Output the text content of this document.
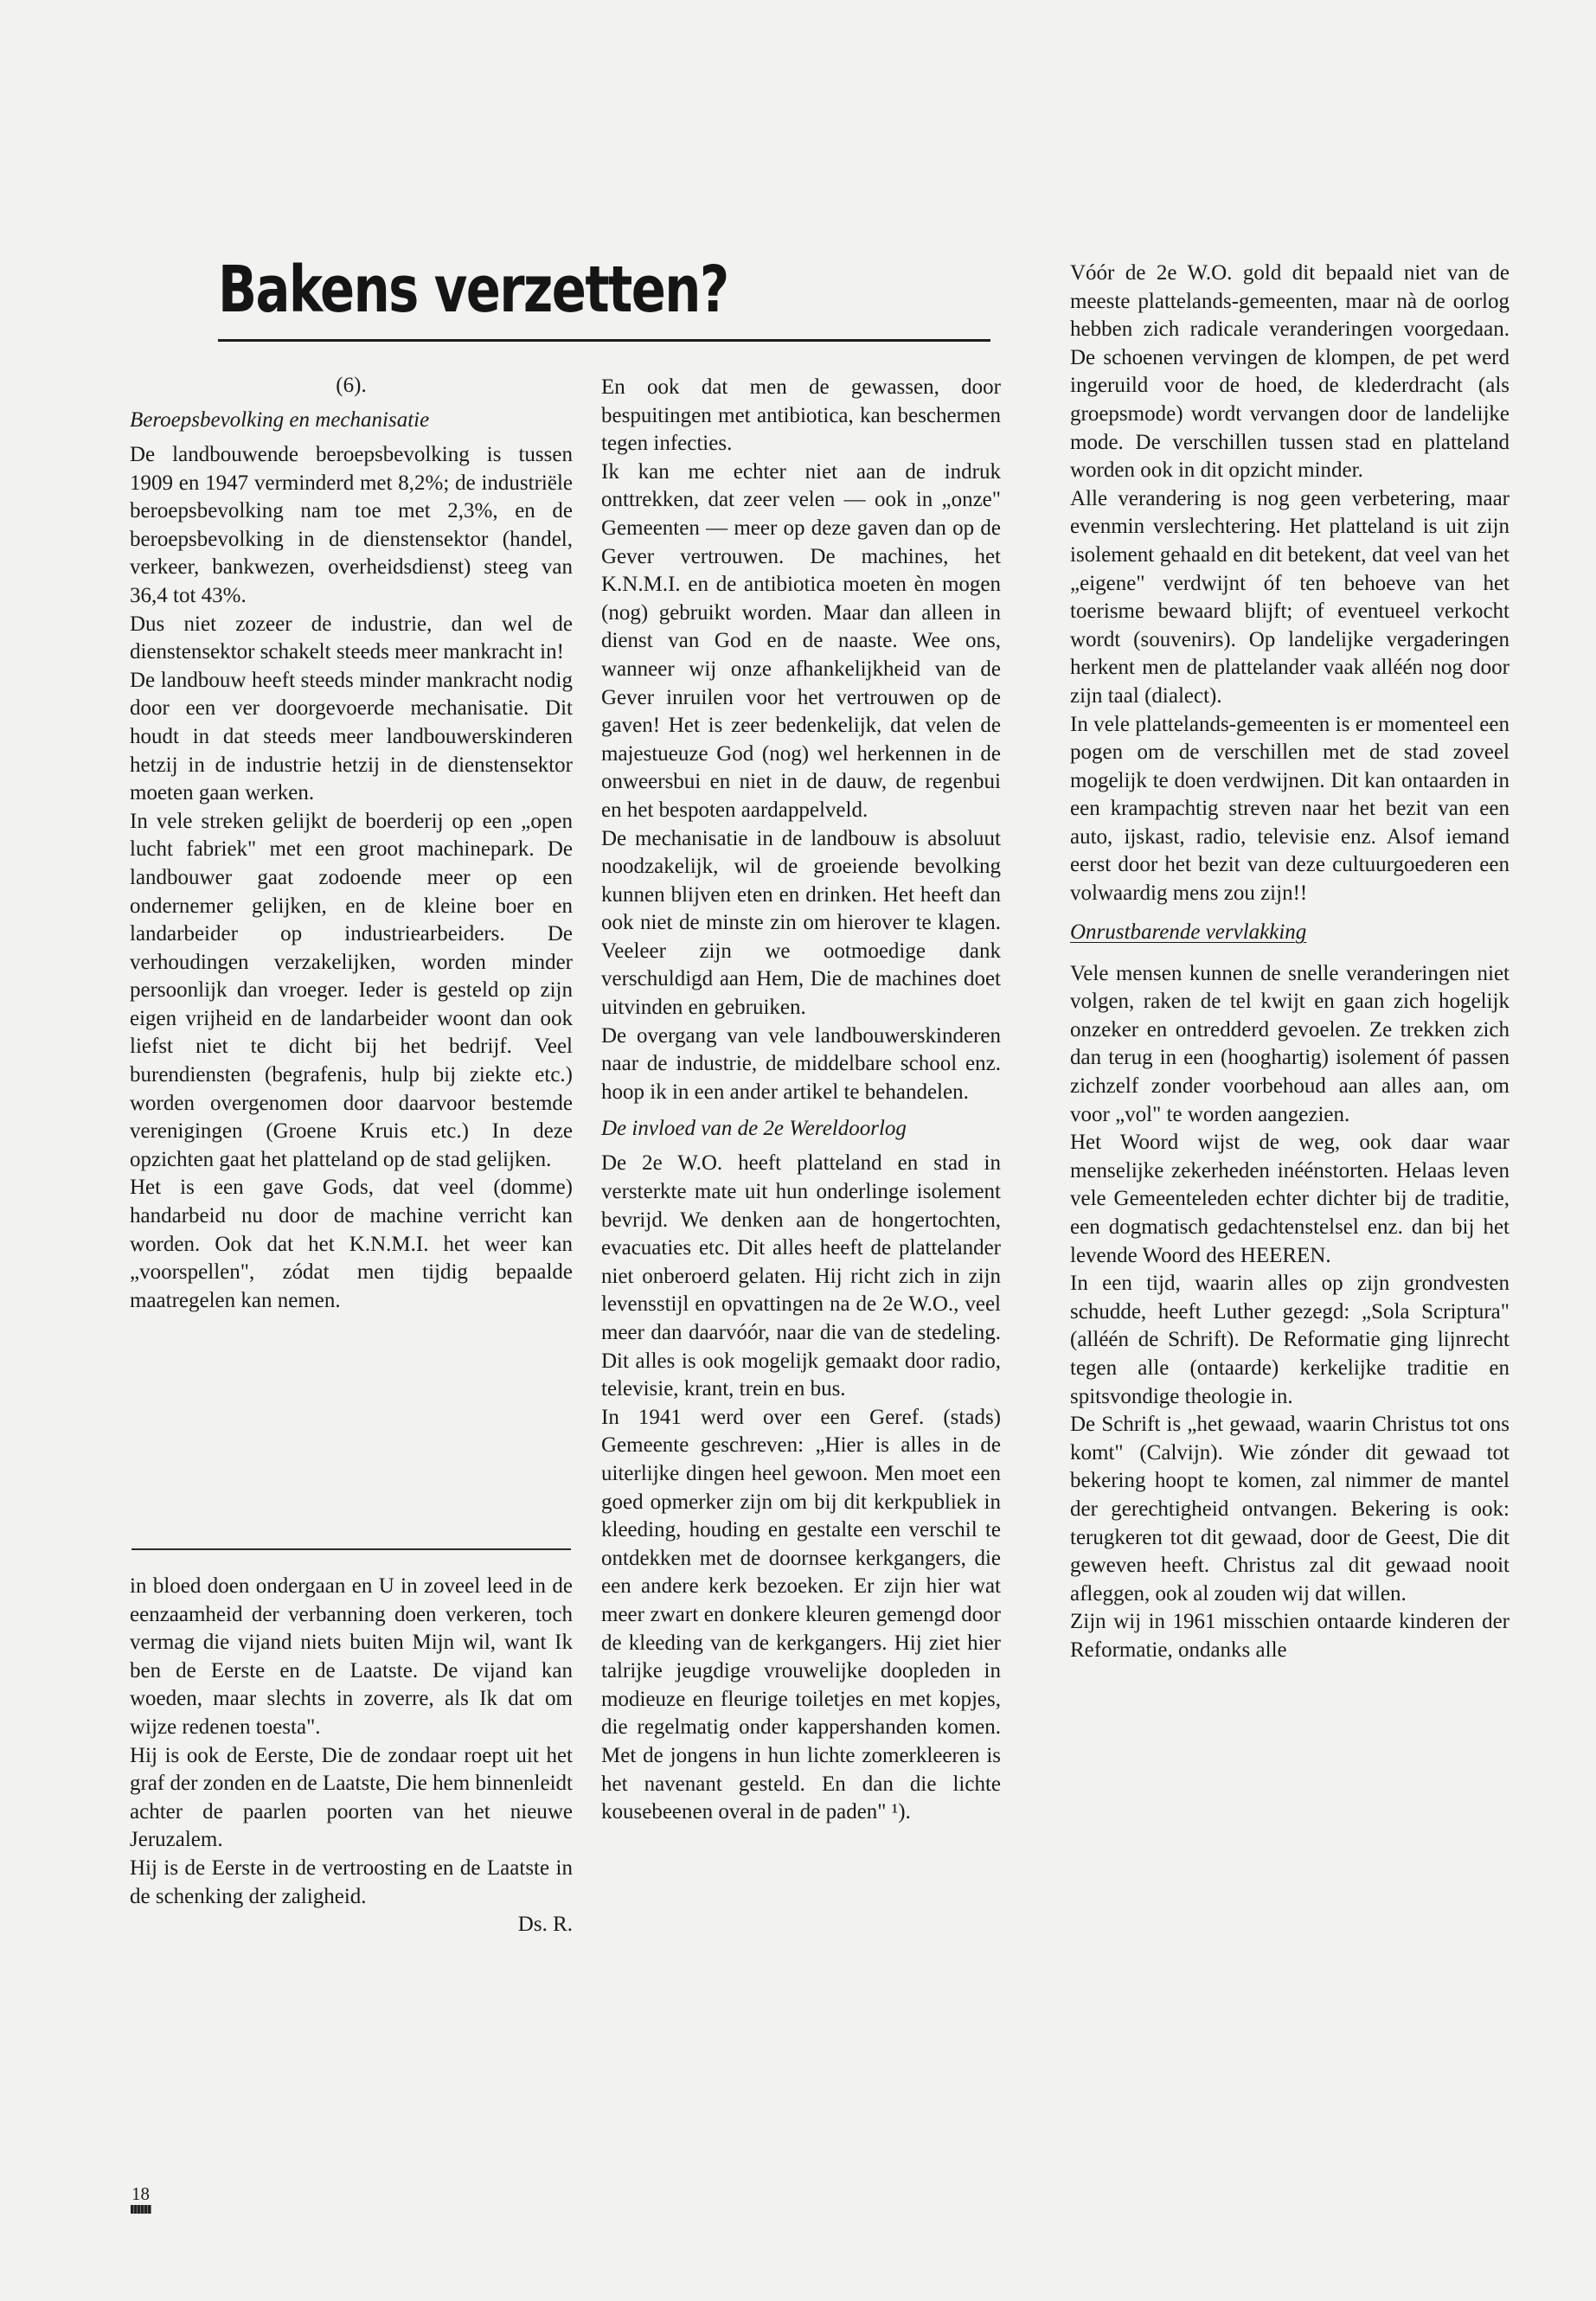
Bakens verzetten?
(6).
Beroepsbevolking en mechanisatie

De landbouwende beroepsbevolking is tussen 1909 en 1947 verminderd met 8,2%; de industriële beroepsbevolking nam toe met 2,3%, en de beroepsbevolking in de dienstensektor (handel, verkeer, bankwezen, overheidsdienst) steeg van 36,4 tot 43%.

Dus niet zozeer de industrie, dan wel de dienstensektor schakelt steeds meer mankracht in!

De landbouw heeft steeds minder mankracht nodig door een ver doorgevoerde mechanisatie. Dit houdt in dat steeds meer landbouwerskinderen hetzij in de industrie hetzij in de dienstensektor moeten gaan werken.

In vele streken gelijkt de boerderij op een „open lucht fabriek" met een groot machinepark. De landbouwer gaat zodoende meer op een ondernemer gelijken, en de kleine boer en landarbeider op industriearbeiders. De verhoudingen verzakelijken, worden minder persoonlijk dan vroeger. Ieder is gesteld op zijn eigen vrijheid en de landarbeider woont dan ook liefst niet te dicht bij het bedrijf. Veel burendiensten (begrafenis, hulp bij ziekte etc.) worden overgenomen door daarvoor bestemde verenigingen (Groene Kruis etc.) In deze opzichten gaat het platteland op de stad gelijken.

Het is een gave Gods, dat veel (domme) handarbeid nu door de machine verricht kan worden. Ook dat het K.N.M.I. het weer kan „voorspellen", zódat men tijdig bepaalde maatregelen kan nemen.

in bloed doen ondergaan en U in zoveel leed in de eenzaamheid der verbanning doen verkeren, toch vermag die vijand niets buiten Mijn wil, want Ik ben de Eerste en de Laatste. De vijand kan woeden, maar slechts in zoverre, als Ik dat om wijze redenen toesta".

Hij is ook de Eerste, Die de zondaar roept uit het graf der zonden en de Laatste, Die hem binnenleidt achter de paarlen poorten van het nieuwe Jeruzalem.

Hij is de Eerste in de vertroosting en de Laatste in de schenking der zaligheid.

Ds. R.

En ook dat men de gewassen, door bespuitingen met antibiotica, kan beschermen tegen infecties.

Ik kan me echter niet aan de indruk onttrekken, dat zeer velen — ook in „onze" Gemeenten — meer op deze gaven dan op de Gever vertrouwen. De machines, het K.N.M.I. en de antibiotica moeten èn mogen (nog) gebruikt worden. Maar dan alleen in dienst van God en de naaste. Wee ons, wanneer wij onze afhankelijkheid van de Gever inruilen voor het vertrouwen op de gaven! Het is zeer bedenkelijk, dat velen de majestueuze God (nog) wel herkennen in de onweersbui en niet in de dauw, de regenbui en het bespoten aardappelveld.

De mechanisatie in de landbouw is absoluut noodzakelijk, wil de groeiende bevolking kunnen blijven eten en drinken. Het heeft dan ook niet de minste zin om hierover te klagen. Veeleer zijn we ootmoedige dank verschuldigd aan Hem, Die de machines doet uitvinden en gebruiken.

De overgang van vele landbouwerskinderen naar de industrie, de middelbare school enz. hoop ik in een ander artikel te behandelen.

De invloed van de 2e Wereldoorlog

De 2e W.O. heeft platteland en stad in versterkte mate uit hun onderlinge isolement bevrijd. We denken aan de hongertochten, evacuaties etc. Dit alles heeft de plattelander niet onberoerd gelaten. Hij richt zich in zijn levensstijl en opvattingen na de 2e W.O., veel meer dan daarvóór, naar die van de stedeling. Dit alles is ook mogelijk gemaakt door radio, televisie, krant, trein en bus.

In 1941 werd over een Geref. (stads) Gemeente geschreven: „Hier is alles in de uiterlijke dingen heel gewoon. Men moet een goed opmerker zijn om bij dit kerkpubliek in kleeding, houding en gestalte een verschil te ontdekken met de doornsee kerkgangers, die een andere kerk bezoeken. Er zijn hier wat meer zwart en donkere kleuren gemengd door de kleeding van de kerkgangers. Hij ziet hier talrijke jeugdige vrouwelijke doopleden in modieuze en fleurige toiletjes en met kopjes, die regelmatig onder kappershanden komen. Met de jongens in hun lichte zomerkleeren is het navenant gesteld. En dan die lichte kousebeenen overal in de paden" ¹).

Vóór de 2e W.O. gold dit bepaald niet van de meeste plattelands-gemeenten, maar nà de oorlog hebben zich radicale veranderingen voorgedaan. De schoenen vervingen de klompen, de pet werd ingeruild voor de hoed, de klederdracht (als groepsmode) wordt vervangen door de landelijke mode. De verschillen tussen stad en platteland worden ook in dit opzicht minder.

Alle verandering is nog geen verbetering, maar evenmin verslechtering. Het platteland is uit zijn isolement gehaald en dit betekent, dat veel van het „eigene" verdwijnt óf ten behoeve van het toerisme bewaard blijft; of eventueel verkocht wordt (souvenirs). Op landelijke vergaderingen herkent men de plattelander vaak alléén nog door zijn taal (dialect).

In vele plattelands-gemeenten is er momenteel een pogen om de verschillen met de stad zoveel mogelijk te doen verdwijnen. Dit kan ontaarden in een krampachtig streven naar het bezit van een auto, ijskast, radio, televisie enz. Alsof iemand eerst door het bezit van deze cultuurgoederen een volwaardig mens zou zijn!!

Onrustbarende vervlakking

Vele mensen kunnen de snelle veranderingen niet volgen, raken de tel kwijt en gaan zich hogelijk onzeker en ontredderd gevoelen. Ze trekken zich dan terug in een (hooghartig) isolement óf passen zichzelf zonder voorbehoud aan alles aan, om voor „vol" te worden aangezien.

Het Woord wijst de weg, ook daar waar menselijke zekerheden inéénstorten. Helaas leven vele Gemeenteleden echter dichter bij de traditie, een dogmatisch gedachtenstelsel enz. dan bij het levende Woord des HEEREN.

In een tijd, waarin alles op zijn grondvesten schudde, heeft Luther gezegd: „Sola Scriptura" (alléén de Schrift). De Reformatie ging lijnrecht tegen alle (ontaarde) kerkelijke traditie en spitsvondige theologie in.

De Schrift is „het gewaad, waarin Christus tot ons komt" (Calvijn). Wie zónder dit gewaad tot bekering hoopt te komen, zal nimmer de mantel der gerechtigheid ontvangen. Bekering is ook: terugkeren tot dit gewaad, door de Geest, Die dit geweven heeft. Christus zal dit gewaad nooit afleggen, ook al zouden wij dat willen.

Zijn wij in 1961 misschien ontaarde kinderen der Reformatie, ondanks alle

18
